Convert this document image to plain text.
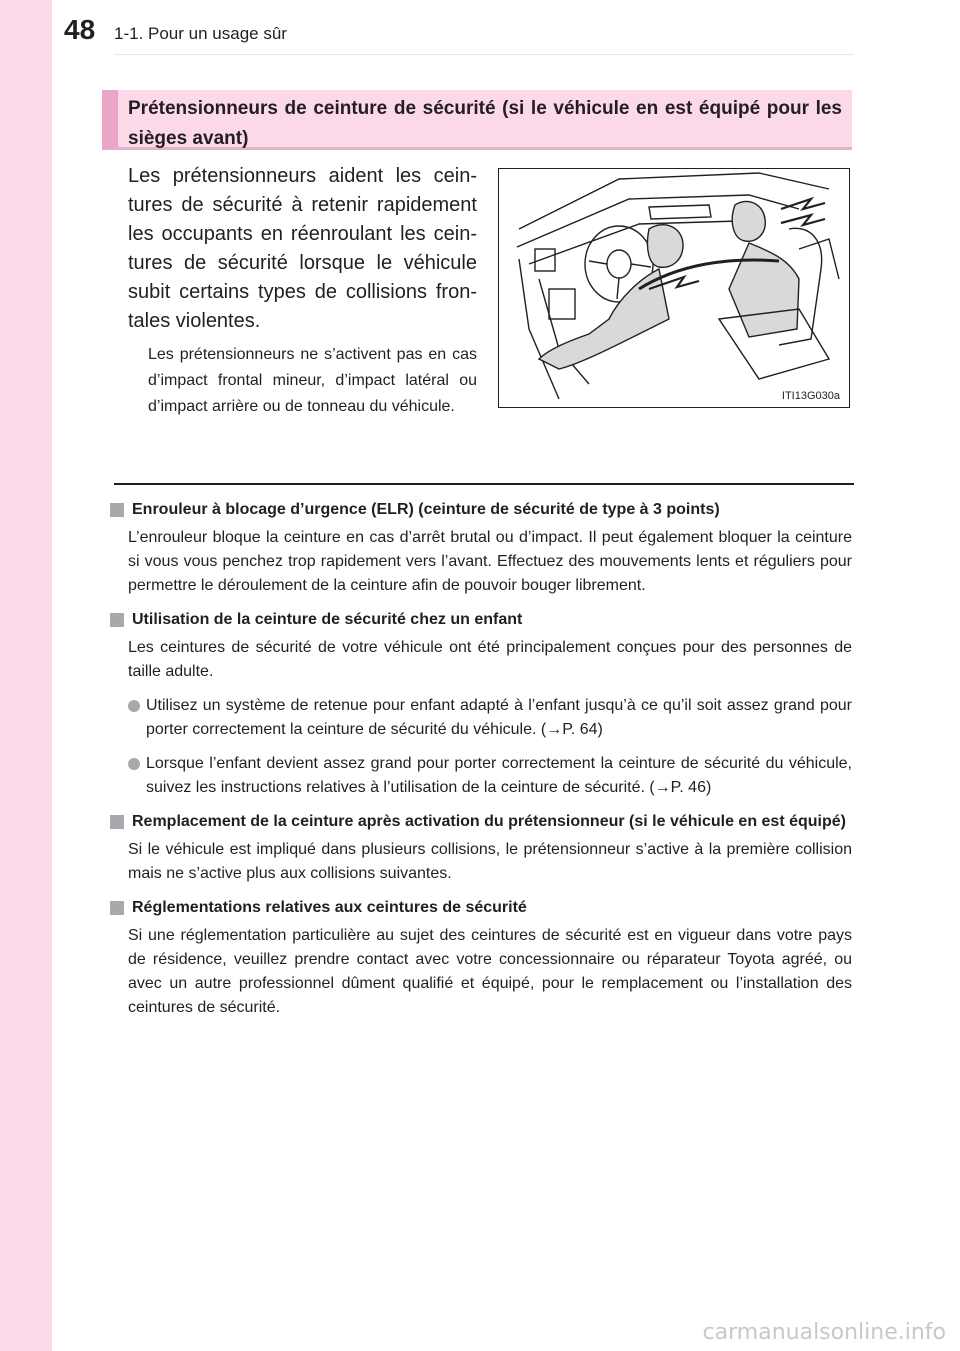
48 1-1. Pour un usage sûr
Prétensionneurs de ceinture de sécurité (si le véhicule en est équipé pour les sièges avant)
Les prétensionneurs aident les cein-tures de sécurité à retenir rapidement les occupants en réenroulant les cein-tures de sécurité lorsque le véhicule subit certains types de collisions fron-tales violentes.
Les prétensionneurs ne s’activent pas en cas d’impact frontal mineur, d’impact latéral ou d’impact arrière ou de tonneau du véhicule.
ITI13G030a
Enrouleur à blocage d’urgence (ELR) (ceinture de sécurité de type à 3 points)
L’enrouleur bloque la ceinture en cas d’arrêt brutal ou d’impact. Il peut également bloquer la ceinture si vous vous penchez trop rapidement vers l’avant. Effectuez des mouvements lents et réguliers pour permettre le déroulement de la ceinture afin de pouvoir bouger librement.
Utilisation de la ceinture de sécurité chez un enfant
Les ceintures de sécurité de votre véhicule ont été principalement conçues pour des personnes de taille adulte.
Utilisez un système de retenue pour enfant adapté à l’enfant jusqu’à ce qu’il soit assez grand pour porter correctement la ceinture de sécurité du véhicule. (→P. 64)
Lorsque l’enfant devient assez grand pour porter correctement la ceinture de sécurité du véhicule, suivez les instructions relatives à l’utilisation de la ceinture de sécurité. (→P. 46)
Remplacement de la ceinture après activation du prétensionneur (si le véhicule en est équipé)
Si le véhicule est impliqué dans plusieurs collisions, le prétensionneur s’active à la première collision mais ne s’active plus aux collisions suivantes.
Réglementations relatives aux ceintures de sécurité
Si une réglementation particulière au sujet des ceintures de sécurité est en vigueur dans votre pays de résidence, veuillez prendre contact avec votre concessionnaire ou réparateur Toyota agréé, ou avec un autre professionnel dûment qualifié et équipé, pour le remplacement ou l’installation des ceintures de sécurité.
carmanualsonline.info
